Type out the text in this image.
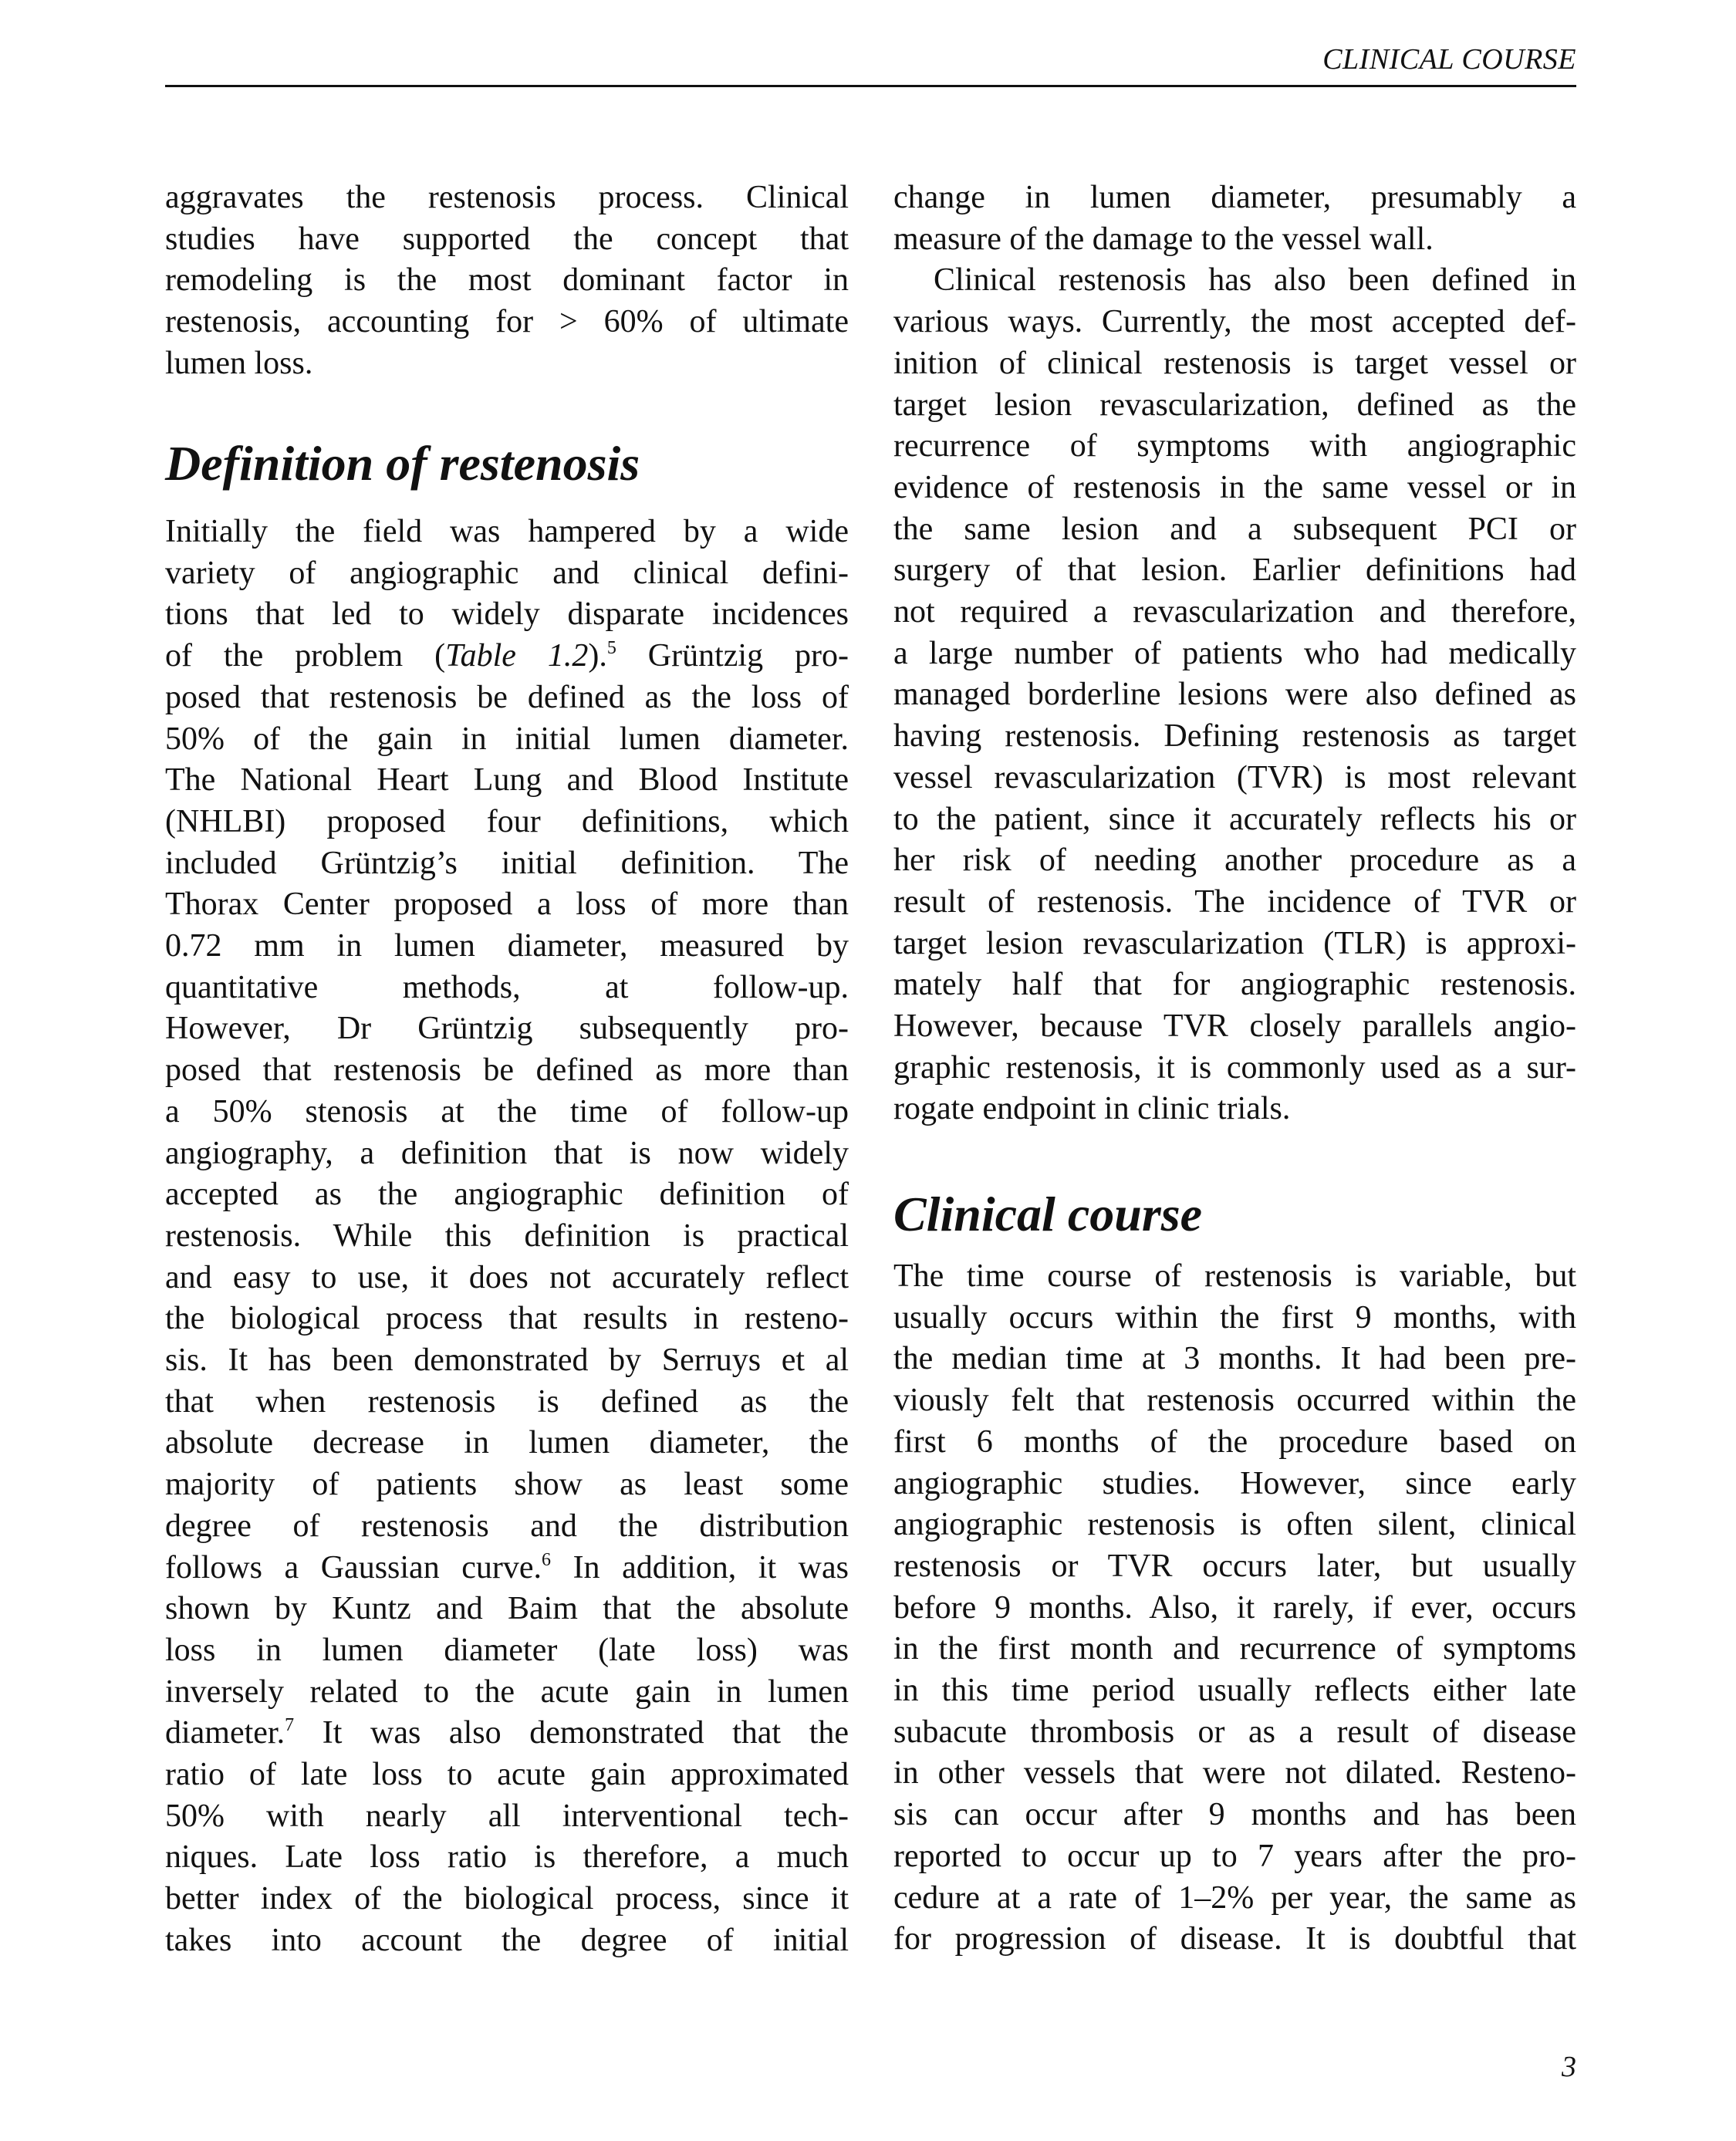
CLINICAL COURSE
Definition of restenosis
aggravates the restenosis process. Clinical
studies have supported the concept that
remodeling is the most dominant factor in
restenosis, accounting for > 60% of ultimate
lumen loss.
Initially the field was hampered by a wide
variety of angiographic and clinical defini-
tions that led to widely disparate incidences
of the problem (Table 1.2).$^5$ Grüntzig pro-
posed that restenosis be defined as the loss of
50% of the gain in initial lumen diameter.
The National Heart Lung and Blood Institute
(NHLBI) proposed four definitions, which
included Grüntzig’s initial definition. The
Thorax Center proposed a loss of more than
0.72 mm in lumen diameter, measured by
quantitative methods, at follow-up.
However, Dr Grüntzig subsequently pro-
posed that restenosis be defined as more than
a 50% stenosis at the time of follow-up
angiography, a definition that is now widely
accepted as the angiographic definition of
restenosis. While this definition is practical
and easy to use, it does not accurately reflect
the biological process that results in resteno-
sis. It has been demonstrated by Serruys et al
that when restenosis is defined as the
absolute decrease in lumen diameter, the
majority of patients show as least some
degree of restenosis and the distribution
follows a Gaussian curve.$^6$ In addition, it was
shown by Kuntz and Baim that the absolute
loss in lumen diameter (late loss) was
inversely related to the acute gain in lumen
diameter.$^7$ It was also demonstrated that the
ratio of late loss to acute gain approximated
50% with nearly all interventional tech-
niques. Late loss ratio is therefore, a much
better index of the biological process, since it
takes into account the degree of initial
Clinical course
change in lumen diameter, presumably a
measure of the damage to the vessel wall.
Clinical restenosis has also been defined in
various ways. Currently, the most accepted def-
inition of clinical restenosis is target vessel or
target lesion revascularization, defined as the
recurrence of symptoms with angiographic
evidence of restenosis in the same vessel or in
the same lesion and a subsequent PCI or
surgery of that lesion. Earlier definitions had
not required a revascularization and therefore,
a large number of patients who had medically
managed borderline lesions were also defined as
having restenosis. Defining restenosis as target
vessel revascularization (TVR) is most relevant
to the patient, since it accurately reflects his or
her risk of needing another procedure as a
result of restenosis. The incidence of TVR or
target lesion revascularization (TLR) is approxi-
mately half that for angiographic restenosis.
However, because TVR closely parallels angio-
graphic restenosis, it is commonly used as a sur-
rogate endpoint in clinic trials.
The time course of restenosis is variable, but
usually occurs within the first 9 months, with
the median time at 3 months. It had been pre-
viously felt that restenosis occurred within the
first 6 months of the procedure based on
angiographic studies. However, since early
angiographic restenosis is often silent, clinical
restenosis or TVR occurs later, but usually
before 9 months. Also, it rarely, if ever, occurs
in the first month and recurrence of symptoms
in this time period usually reflects either late
subacute thrombosis or as a result of disease
in other vessels that were not dilated. Resteno-
sis can occur after 9 months and has been
reported to occur up to 7 years after the pro-
cedure at a rate of 1–2% per year, the same as
for progression of disease. It is doubtful that
3
